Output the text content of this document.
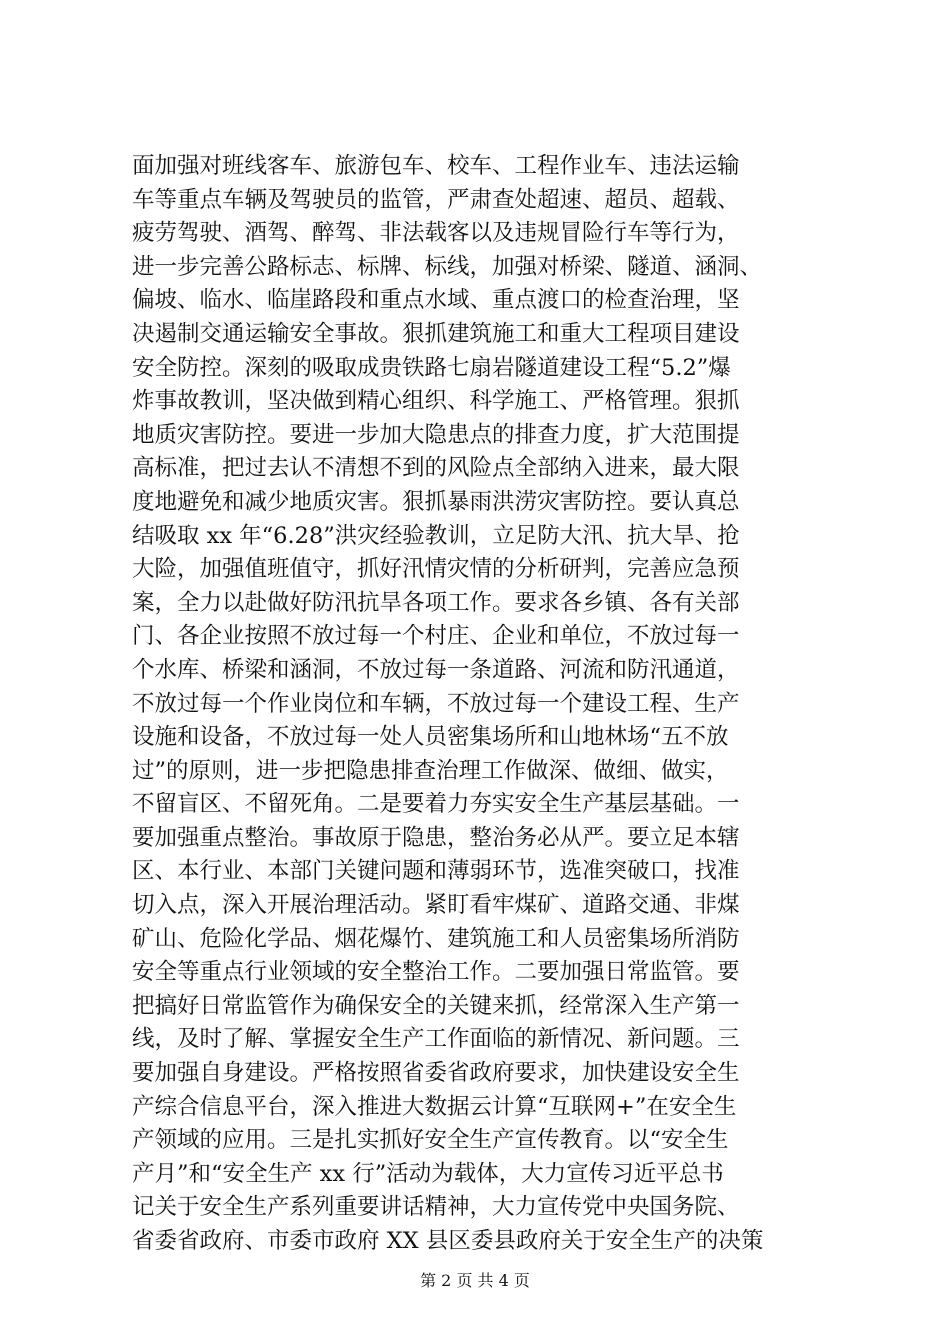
面加强对班线客车、旅游包车、校车、工程作业车、违法运输
车等重点车辆及驾驶员的监管，严肃查处超速、超员、超载、
疲劳驾驶、酒驾、醉驾、非法载客以及违规冒险行车等行为，
进一步完善公路标志、标牌、标线，加强对桥梁、隧道、涵洞、
偏坡、临水、临崖路段和重点水域、重点渡口的检查治理，坚
决遏制交通运输安全事故。狠抓建筑施工和重大工程项目建设
安全防控。深刻的吸取成贵铁路七扇岩隧道建设工程“5.2”爆
炸事故教训，坚决做到精心组织、科学施工、严格管理。狠抓
地质灾害防控。要进一步加大隐患点的排查力度，扩大范围提
高标准，把过去认不清想不到的风险点全部纳入进来，最大限
度地避免和减少地质灾害。狠抓暴雨洪涝灾害防控。要认真总
结吸取 xx 年“6.28”洪灾经验教训，立足防大汛、抗大旱、抢
大险，加强值班值守，抓好汛情灾情的分析研判，完善应急预
案，全力以赴做好防汛抗旱各项工作。要求各乡镇、各有关部
门、各企业按照不放过每一个村庄、企业和单位，不放过每一
个水库、桥梁和涵洞，不放过每一条道路、河流和防汛通道，
不放过每一个作业岗位和车辆，不放过每一个建设工程、生产
设施和设备，不放过每一处人员密集场所和山地林场“五不放
过”的原则，进一步把隐患排查治理工作做深、做细、做实，
不留盲区、不留死角。二是要着力夯实安全生产基层基础。一
要加强重点整治。事故原于隐患，整治务必从严。要立足本辖
区、本行业、本部门关键问题和薄弱环节，选准突破口，找准
切入点，深入开展治理活动。紧盯看牢煤矿、道路交通、非煤
矿山、危险化学品、烟花爆竹、建筑施工和人员密集场所消防
安全等重点行业领域的安全整治工作。二要加强日常监管。要
把搞好日常监管作为确保安全的关键来抓，经常深入生产第一
线，及时了解、掌握安全生产工作面临的新情况、新问题。三
要加强自身建设。严格按照省委省政府要求，加快建设安全生
产综合信息平台，深入推进大数据云计算“互联网+”在安全生
产领域的应用。三是扎实抓好安全生产宣传教育。以“安全生
产月”和“安全生产 xx 行”活动为载体，大力宣传习近平总书
记关于安全生产系列重要讲话精神，大力宣传党中央国务院、
省委省政府、市委市政府 XX 县区委县政府关于安全生产的决策
第 2 页 共 4 页
